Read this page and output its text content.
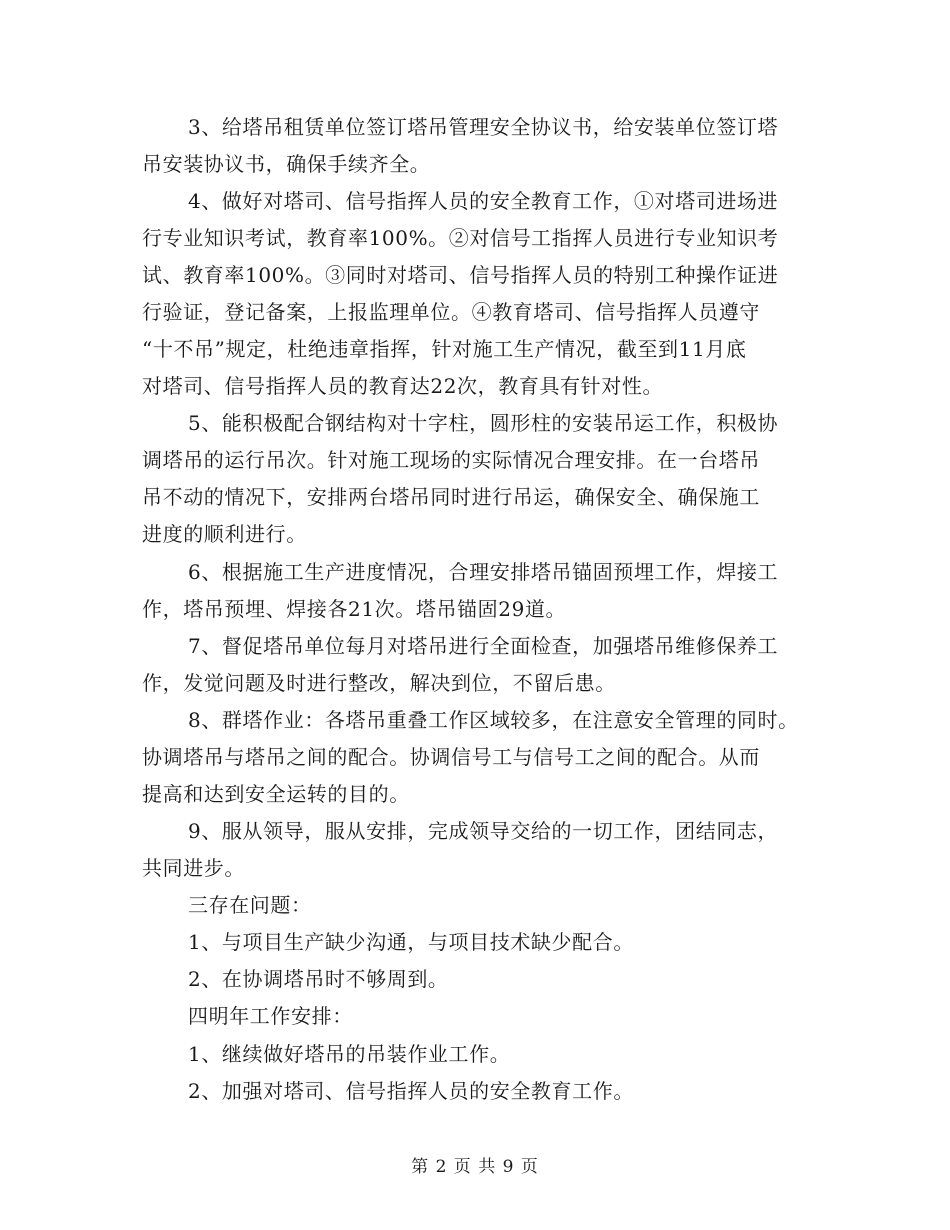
3、给塔吊租赁单位签订塔吊管理安全协议书，给安装单位签订塔
吊安装协议书，确保手续齐全。
4、做好对塔司、信号指挥人员的安全教育工作，①对塔司进场进
行专业知识考试，教育率100%。②对信号工指挥人员进行专业知识考
试、教育率100%。③同时对塔司、信号指挥人员的特别工种操作证进
行验证，登记备案，上报监理单位。④教育塔司、信号指挥人员遵守
“十不吊”规定，杜绝违章指挥，针对施工生产情况，截至到11月底
对塔司、信号指挥人员的教育达22次，教育具有针对性。
5、能积极配合钢结构对十字柱，圆形柱的安装吊运工作，积极协
调塔吊的运行吊次。针对施工现场的实际情况合理安排。在一台塔吊
吊不动的情况下，安排两台塔吊同时进行吊运，确保安全、确保施工
进度的顺利进行。
6、根据施工生产进度情况，合理安排塔吊锚固预埋工作，焊接工
作，塔吊预埋、焊接各21次。塔吊锚固29道。
7、督促塔吊单位每月对塔吊进行全面检查，加强塔吊维修保养工
作，发觉问题及时进行整改，解决到位，不留后患。
8、群塔作业：各塔吊重叠工作区域较多，在注意安全管理的同时。
协调塔吊与塔吊之间的配合。协调信号工与信号工之间的配合。从而
提高和达到安全运转的目的。
9、服从领导，服从安排，完成领导交给的一切工作，团结同志，
共同进步。
三存在问题：
1、与项目生产缺少沟通，与项目技术缺少配合。
2、在协调塔吊时不够周到。
四明年工作安排：
1、继续做好塔吊的吊装作业工作。
2、加强对塔司、信号指挥人员的安全教育工作。
第 2 页 共 9 页
